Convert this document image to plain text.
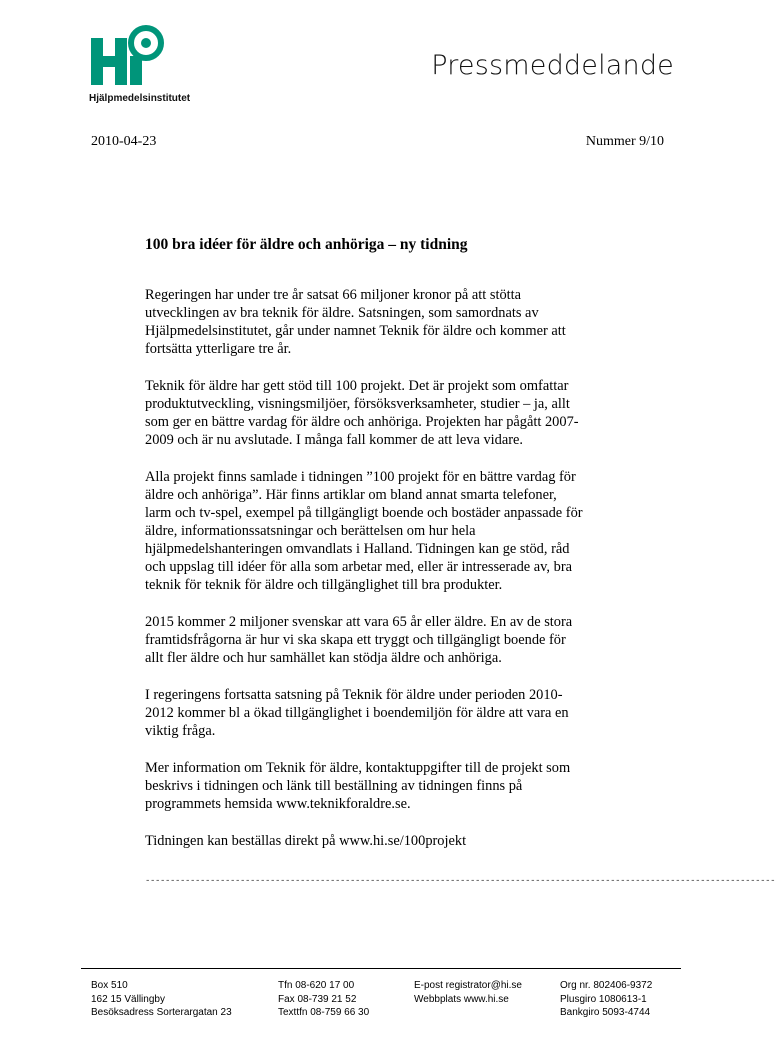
Hjälpmedelsinstitutet
Pressmeddelande
2010-04-23	Nummer 9/10
100 bra idéer för äldre och anhöriga – ny tidning

Regeringen har under tre år satsat 66 miljoner kronor på att stötta
utvecklingen av bra teknik för äldre. Satsningen, som samordnats av
Hjälpmedelsinstitutet, går under namnet Teknik för äldre och kommer att
fortsätta ytterligare tre år.

Teknik för äldre har gett stöd till 100 projekt. Det är projekt som omfattar
produktutveckling, visningsmiljöer, försöksverksamheter, studier – ja, allt
som ger en bättre vardag för äldre och anhöriga. Projekten har pågått 2007-
2009 och är nu avslutade. I många fall kommer de att leva vidare.

Alla projekt finns samlade i tidningen ”100 projekt för en bättre vardag för
äldre och anhöriga”. Här finns artiklar om bland annat smarta telefoner,
larm och tv-spel, exempel på tillgängligt boende och bostäder anpassade för
äldre, informationssatsningar och berättelsen om hur hela
hjälpmedelshanteringen omvandlats i Halland. Tidningen kan ge stöd, råd
och uppslag till idéer för alla som arbetar med, eller är intresserade av, bra
teknik för teknik för äldre och tillgänglighet till bra produkter.

2015 kommer 2 miljoner svenskar att vara 65 år eller äldre. En av de stora
framtidsfrågorna är hur vi ska skapa ett tryggt och tillgängligt boende för
allt fler äldre och hur samhället kan stödja äldre och anhöriga.

I regeringens fortsatta satsning på Teknik för äldre under perioden 2010-
2012 kommer bl a ökad tillgänglighet i boendemiljön för äldre att vara en
viktig fråga.

Mer information om Teknik för äldre, kontaktuppgifter till de projekt som
beskrivs i tidningen och länk till beställning av tidningen finns på
programmets hemsida www.teknikforaldre.se.

Tidningen kan beställas direkt på www.hi.se/100projekt

------------------------------------------------------------------------------------------------------------------------------
Box 510
162 15 Vällingby
Besöksadress Sorterargatan 23
Tfn 08-620 17 00
Fax 08-739 21 52
Texttfn 08-759 66 30
E-post registrator@hi.se
Webbplats www.hi.se
Org nr. 802406-9372
Plusgiro 1080613-1
Bankgiro 5093-4744
